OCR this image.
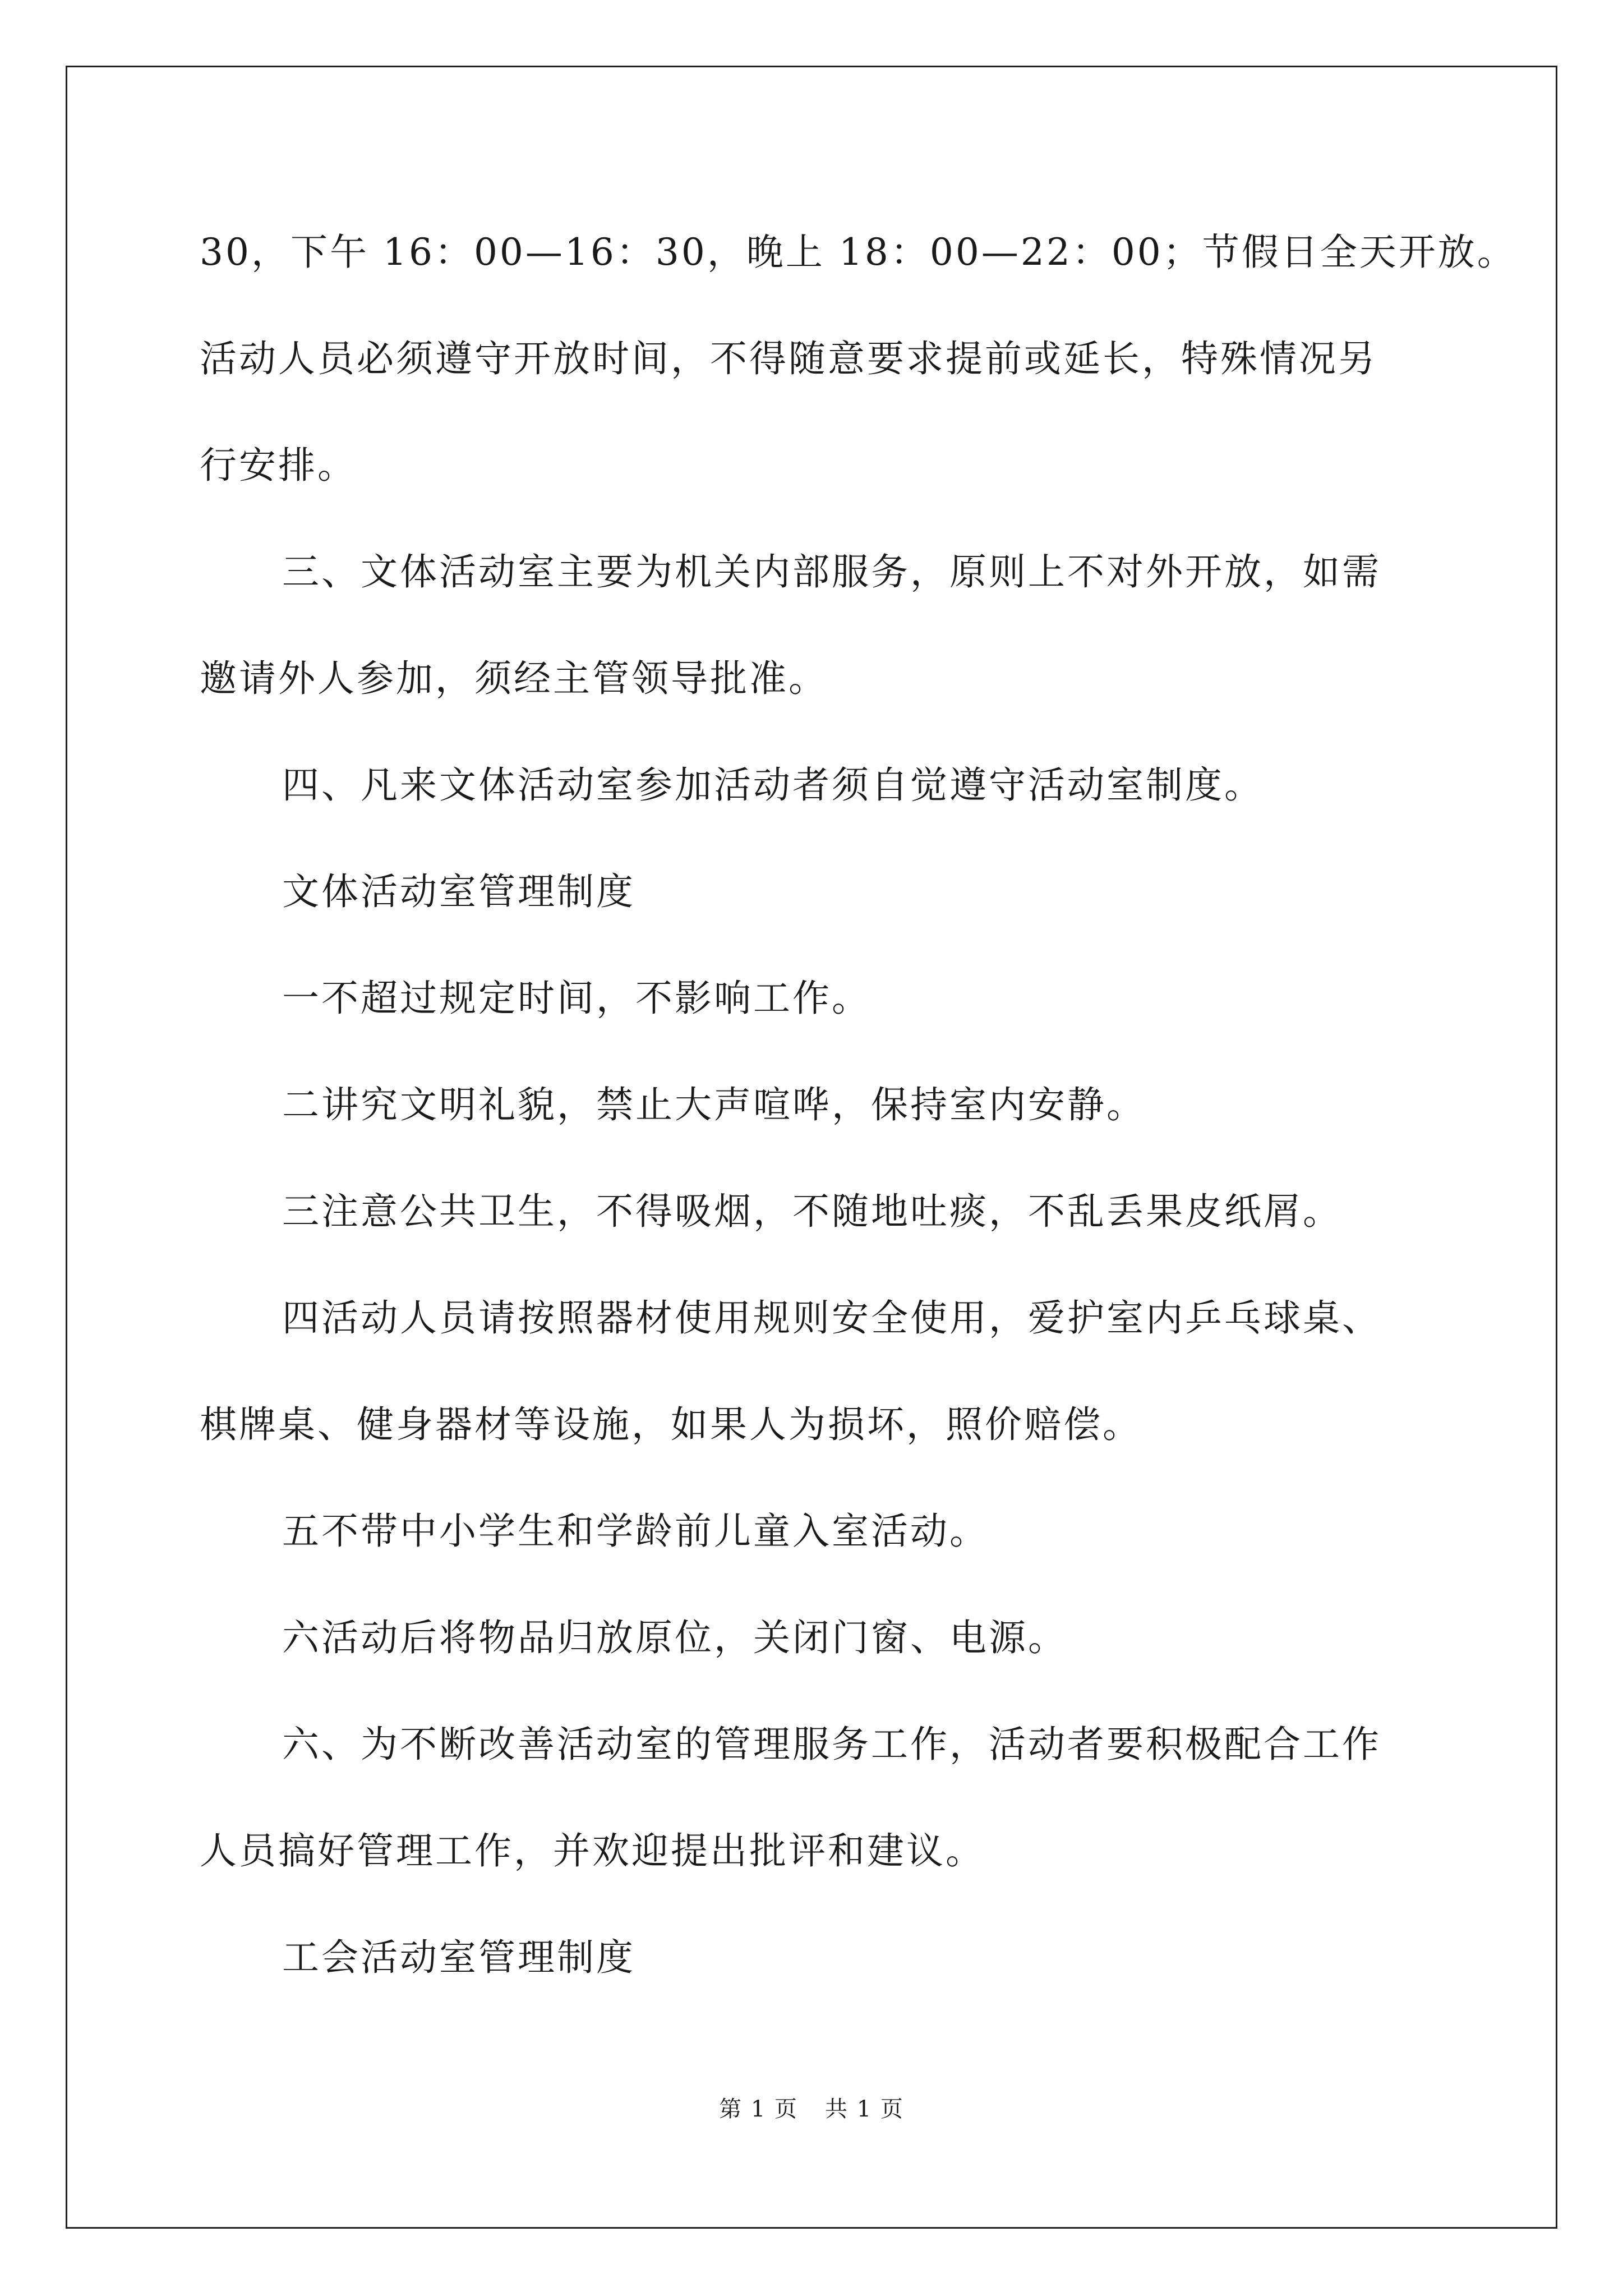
30，下午 16：00—16：30，晚上 18：00—22：00；节假日全天开放。

活动人员必须遵守开放时间，不得随意要求提前或延长，特殊情况另

行安排。

三、文体活动室主要为机关内部服务，原则上不对外开放，如需

邀请外人参加，须经主管领导批准。

四、凡来文体活动室参加活动者须自觉遵守活动室制度。

文体活动室管理制度

一不超过规定时间，不影响工作。

二讲究文明礼貌，禁止大声喧哗，保持室内安静。

三注意公共卫生，不得吸烟，不随地吐痰，不乱丢果皮纸屑。

四活动人员请按照器材使用规则安全使用，爱护室内乒乓球桌、

棋牌桌、健身器材等设施，如果人为损坏，照价赔偿。

五不带中小学生和学龄前儿童入室活动。

六活动后将物品归放原位，关闭门窗、电源。

六、为不断改善活动室的管理服务工作，活动者要积极配合工作

人员搞好管理工作，并欢迎提出批评和建议。

工会活动室管理制度

第 1 页 共 1 页
